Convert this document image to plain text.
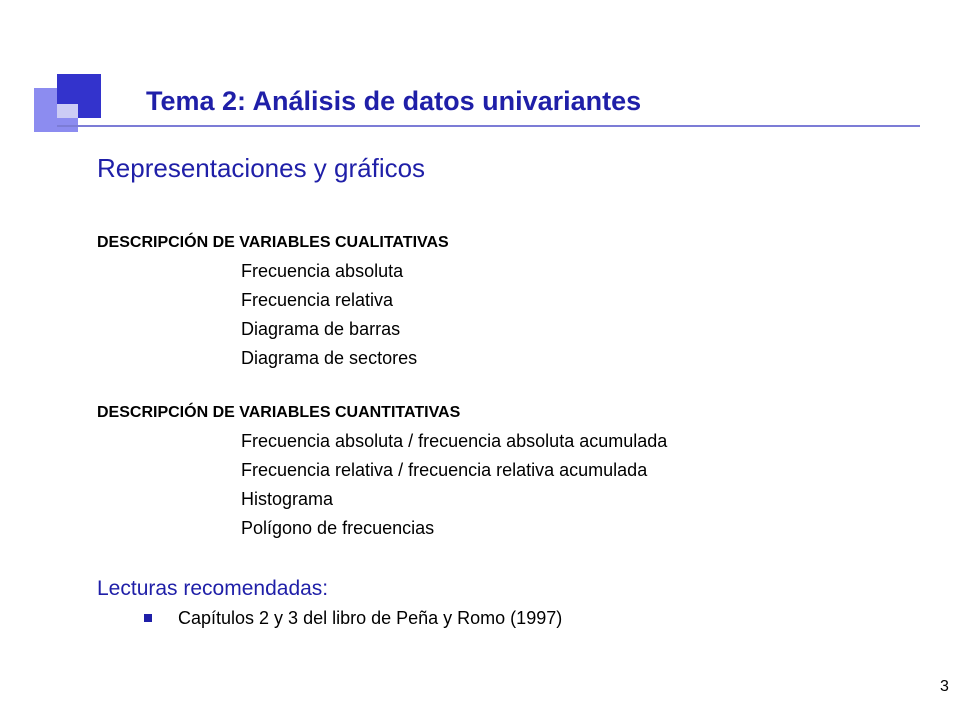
Tema 2: Análisis de datos univariantes
Representaciones y gráficos
DESCRIPCIÓN DE VARIABLES CUALITATIVAS
Frecuencia absoluta
Frecuencia relativa
Diagrama de barras
Diagrama de sectores
DESCRIPCIÓN DE VARIABLES CUANTITATIVAS
Frecuencia absoluta / frecuencia absoluta acumulada
Frecuencia relativa / frecuencia relativa acumulada
Histograma
Polígono de frecuencias
Lecturas recomendadas:
Capítulos 2 y 3 del libro de Peña y Romo (1997)
3
